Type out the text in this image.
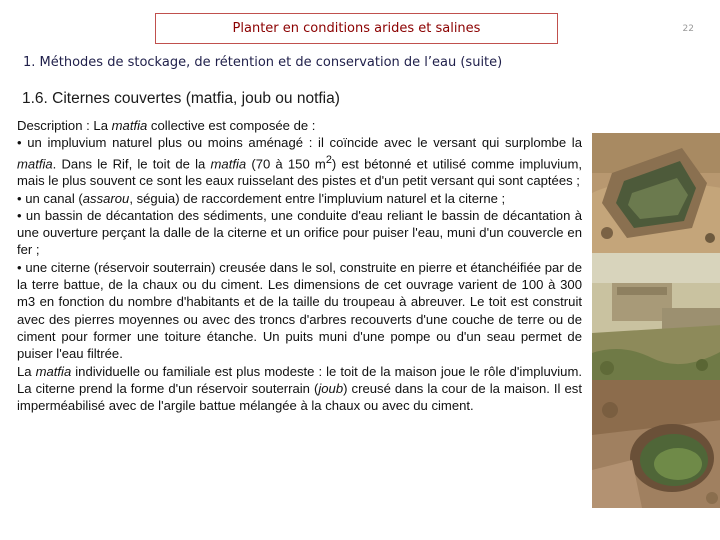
Planter en conditions arides et salines	22
1. Méthodes de stockage, de rétention et de conservation de l’eau (suite)
1.6. Citernes couvertes (matfia, joub ou notfia)

Description : La matfia collective est composée de :

• un impluvium naturel plus ou moins aménagé : il coïncide avec le versant qui surplombe la matfia. Dans le Rif, le toit de la matfia (70 à 150 $m^2$) est bétonné et utilisé comme impluvium, mais le plus souvent ce sont les eaux ruisselant des pistes et d'un petit versant qui sont captées ;

• un canal (assarou, séguia) de raccordement entre l'impluvium naturel et la citerne ;

• un bassin de décantation des sédiments, une conduite d'eau reliant le bassin de décantation à une ouverture perçant la dalle de la citerne et un orifice pour puiser l'eau, muni d'un couvercle en fer ;

• une citerne (réservoir souterrain) creusée dans le sol, construite en pierre et étanchéifiée par de la terre battue, de la chaux ou du ciment. Les dimensions de cet ouvrage varient de 100 à 300 m3 en fonction du nombre d'habitants et de la taille du troupeau à abreuver. Le toit est construit avec des pierres moyennes ou avec des troncs d'arbres recouverts d'une couche de terre ou de ciment pour former une toiture étanche. Un puits muni d'une pompe ou d'un seau permet de puiser l'eau filtrée.

La matfia individuelle ou familiale est plus modeste : le toit de la maison joue le rôle d'impluvium. La citerne prend la forme d'un réservoir souterrain (joub) creusé dans la cour de la maison. Il est imperméabilisé avec de l'argile battue mélangée à la chaux ou avec du ciment.
